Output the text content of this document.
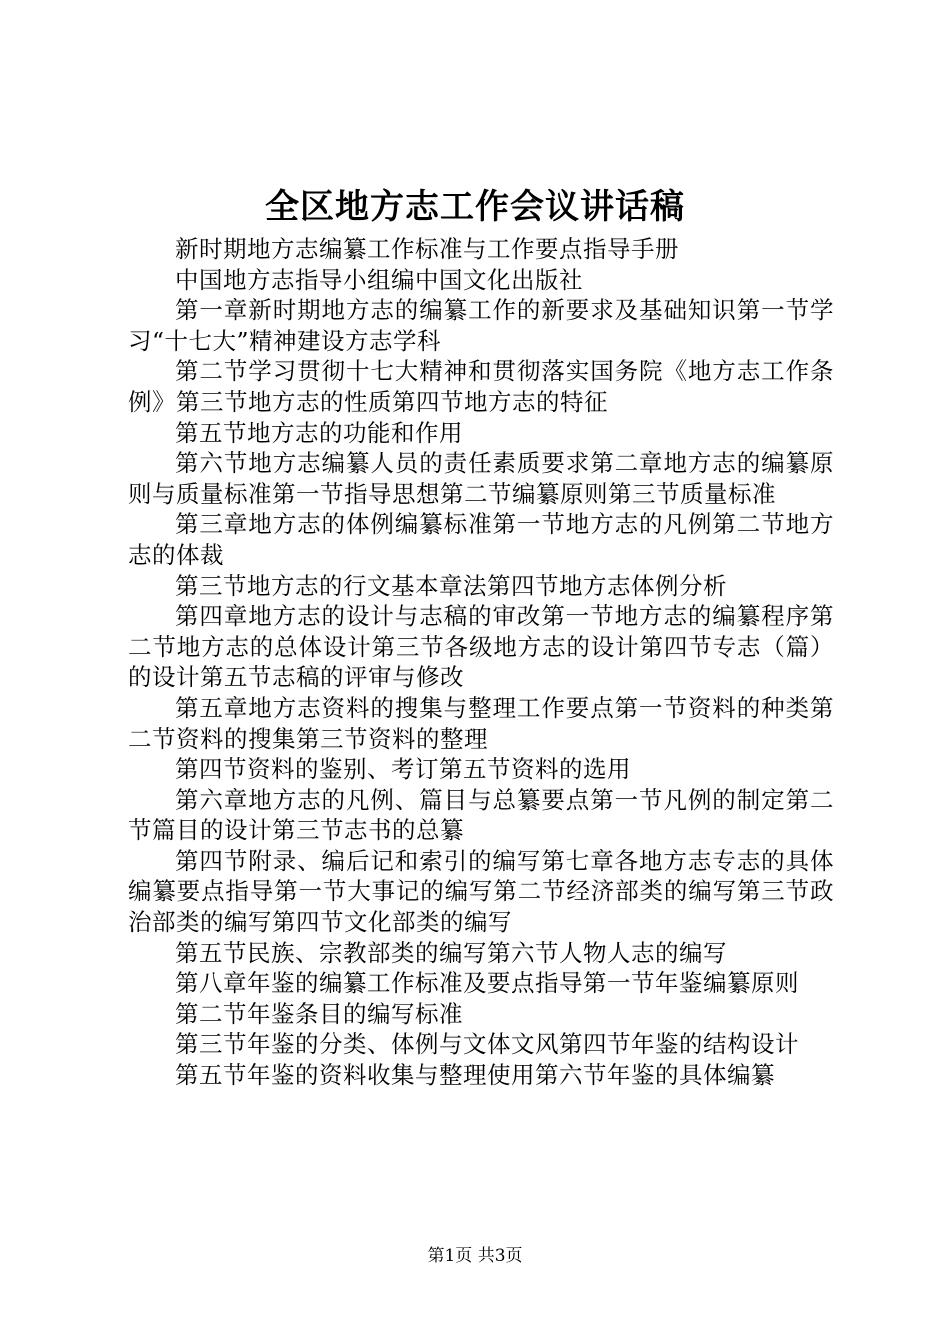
全区地方志工作会议讲话稿

新时期地方志编纂工作标准与工作要点指导手册

中国地方志指导小组编中国文化出版社

第一章新时期地方志的编纂工作的新要求及基础知识第一节学习“十七大”精神建设方志学科

第二节学习贯彻十七大精神和贯彻落实国务院《地方志工作条例》第三节地方志的性质第四节地方志的特征

第五节地方志的功能和作用

第六节地方志编纂人员的责任素质要求第二章地方志的编纂原则与质量标准第一节指导思想第二节编纂原则第三节质量标准

第三章地方志的体例编纂标准第一节地方志的凡例第二节地方志的体裁

第三节地方志的行文基本章法第四节地方志体例分析

第四章地方志的设计与志稿的审改第一节地方志的编纂程序第二节地方志的总体设计第三节各级地方志的设计第四节专志（篇）的设计第五节志稿的评审与修改

第五章地方志资料的搜集与整理工作要点第一节资料的种类第二节资料的搜集第三节资料的整理

第四节资料的鉴别、考订第五节资料的选用

第六章地方志的凡例、篇目与总纂要点第一节凡例的制定第二节篇目的设计第三节志书的总纂

第四节附录、编后记和索引的编写第七章各地方志专志的具体编纂要点指导第一节大事记的编写第二节经济部类的编写第三节政治部类的编写第四节文化部类的编写

第五节民族、宗教部类的编写第六节人物人志的编写

第八章年鉴的编纂工作标准及要点指导第一节年鉴编纂原则

第二节年鉴条目的编写标准

第三节年鉴的分类、体例与文体文风第四节年鉴的结构设计

第五节年鉴的资料收集与整理使用第六节年鉴的具体编纂

第1页 共3页
